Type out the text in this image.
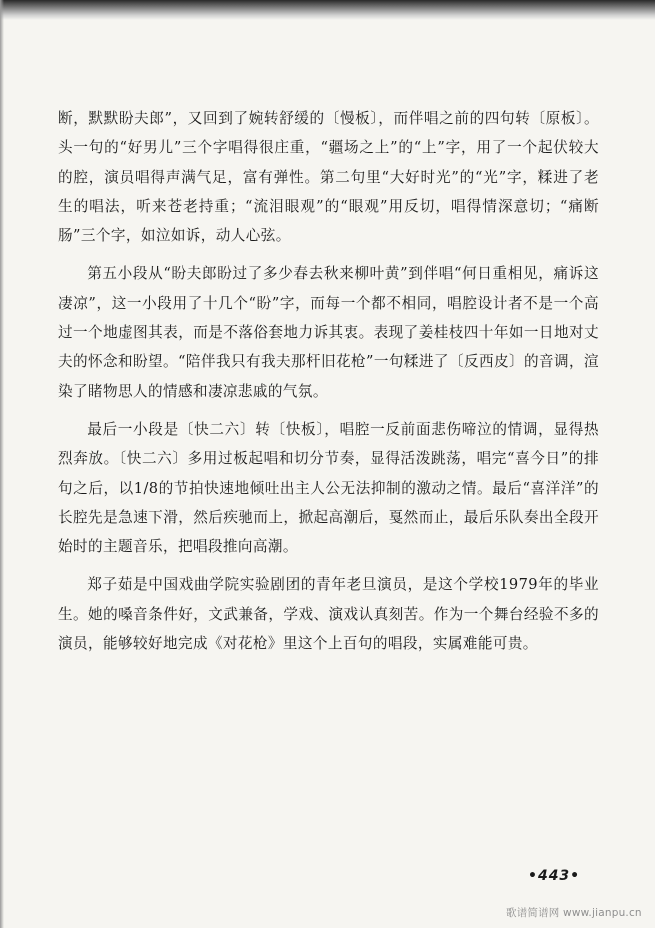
断，默默盼夫郎”，又回到了婉转舒缓的〔慢板〕，而伴唱之前的四句转〔原板〕。头一句的“好男儿”三个字唱得很庄重，“疆场之上”的“上”字，用了一个起伏较大的腔，演员唱得声满气足，富有弹性。第二句里“大好时光”的“光”字，糅进了老生的唱法，听来苍老持重；“流泪眼观”的“眼观”用反切，唱得情深意切；“痛断肠”三个字，如泣如诉，动人心弦。

第五小段从“盼夫郎盼过了多少春去秋来柳叶黄”到伴唱“何日重相见，痛诉这凄凉”，这一小段用了十几个“盼”字，而每一个都不相同，唱腔设计者不是一个高过一个地虚图其表，而是不落俗套地力诉其衷。表现了姜桂枝四十年如一日地对丈夫的怀念和盼望。“陪伴我只有我夫那杆旧花枪”一句糅进了〔反西皮〕的音调，渲染了睹物思人的情感和凄凉悲戚的气氛。

最后一小段是〔快二六〕转〔快板〕，唱腔一反前面悲伤啼泣的情调，显得热烈奔放。〔快二六〕多用过板起唱和切分节奏，显得活泼跳荡，唱完“喜今日”的排句之后，以1/8的节拍快速地倾吐出主人公无法抑制的激动之情。最后“喜洋洋”的长腔先是急速下滑，然后疾驰而上，掀起高潮后，戛然而止，最后乐队奏出全段开始时的主题音乐，把唱段推向高潮。

郑子茹是中国戏曲学院实验剧团的青年老旦演员，是这个学校1979年的毕业生。她的嗓音条件好，文武兼备，学戏、演戏认真刻苦。作为一个舞台经验不多的演员，能够较好地完成《对花枪》里这个上百句的唱段，实属难能可贵。

•443•
歌谱简谱网 www.jianpu.cn
